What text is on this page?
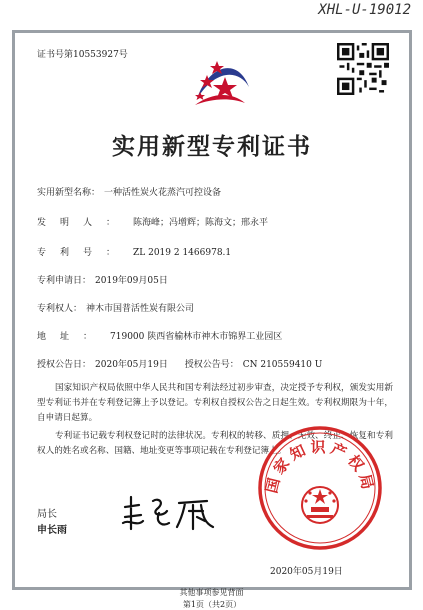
XHL-U-19012
证书号第10553927号
实用新型专利证书
实用新型名称： 一种活性炭火花蒸汽可控设备
发明人： 陈海峰；冯增辉；陈海文；邢永平
专利号： ZL 2019 2 1466978.1
专利申请日： 2019年09月05日
专利权人： 神木市国普活性炭有限公司
地址： 719000 陕西省榆林市神木市锦界工业园区
授权公告日： 2020年05月19日 授权公告号： CN 210559410 U
国家知识产权局依照中华人民共和国专利法经过初步审查，决定授予专利权，颁发实用新型专利证书并在专利登记簿上予以登记。专利权自授权公告之日起生效。专利权期限为十年，自申请日起算。
专利证书记载专利权登记时的法律状况。专利权的转移、质押、无效、终止、恢复和专利权人的姓名或名称、国籍、地址变更等事项记载在专利登记簿上。
局长
申长雨
国家知识产权局
2020年05月19日
第1页（共2页）
其他事项参见背面
